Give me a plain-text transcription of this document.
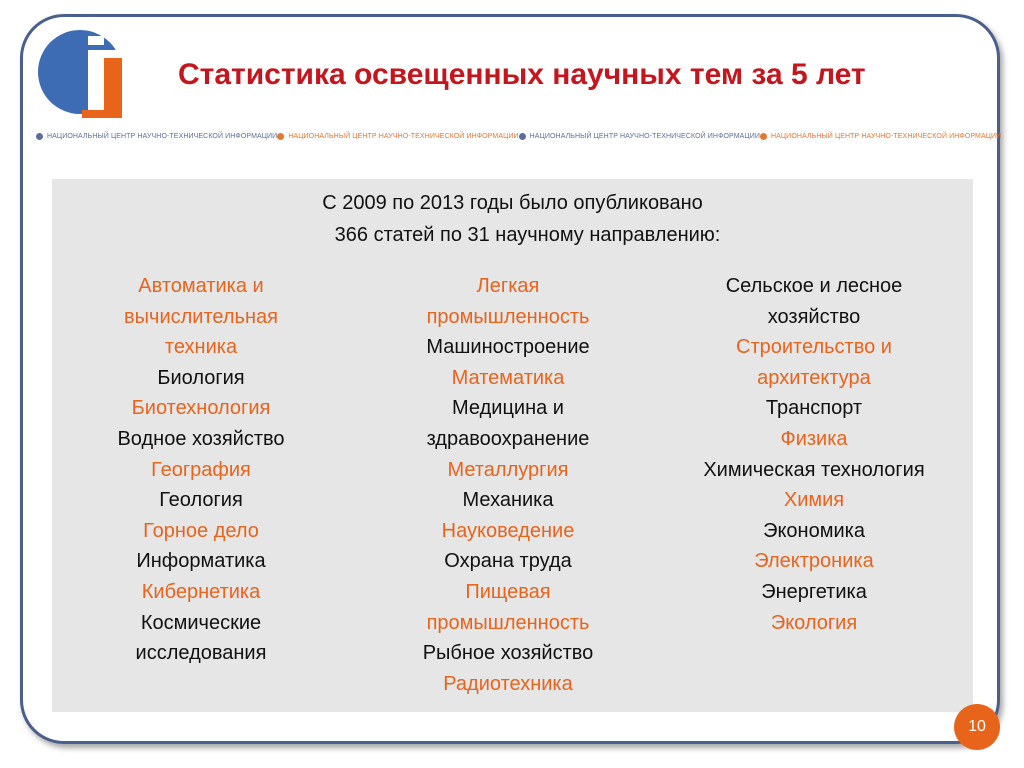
Статистика освещенных научных тем за 5 лет
НАЦИОНАЛЬНЫЙ ЦЕНТР НАУЧНО-ТЕХНИЧЕСКОЙ ИНФОРМАЦИИ НАЦИОНАЛЬНЫЙ ЦЕНТР НАУЧНО-ТЕХНИЧЕСКОЙ ИНФОРМАЦИИ НАЦИОНАЛЬНЫЙ ЦЕНТР НАУЧНО-ТЕХНИЧЕСКОЙ ИНФОРМАЦИИ НАЦИОНАЛЬНЫЙ ЦЕНТР НАУЧНО-ТЕХНИЧЕСКОЙ ИНФОРМАЦИИ
С 2009 по 2013 годы было опубликовано
366 статей по 31 научному направлению:
Автоматика и
вычислительная
техника
Биология
Биотехнология
Водное хозяйство
География
Геология
Горное дело
Информатика
Кибернетика
Космические
исследования
Легкая
промышленность
Машиностроение
Математика
Медицина и
здравоохранение
Металлургия
Механика
Науковедение
Охрана труда
Пищевая
промышленность
Рыбное хозяйство
Радиотехника
Сельское и лесное
хозяйство
Строительство и
архитектура
Транспорт
Физика
Химическая технология
Химия
Экономика
Электроника
Энергетика
Экология
10
